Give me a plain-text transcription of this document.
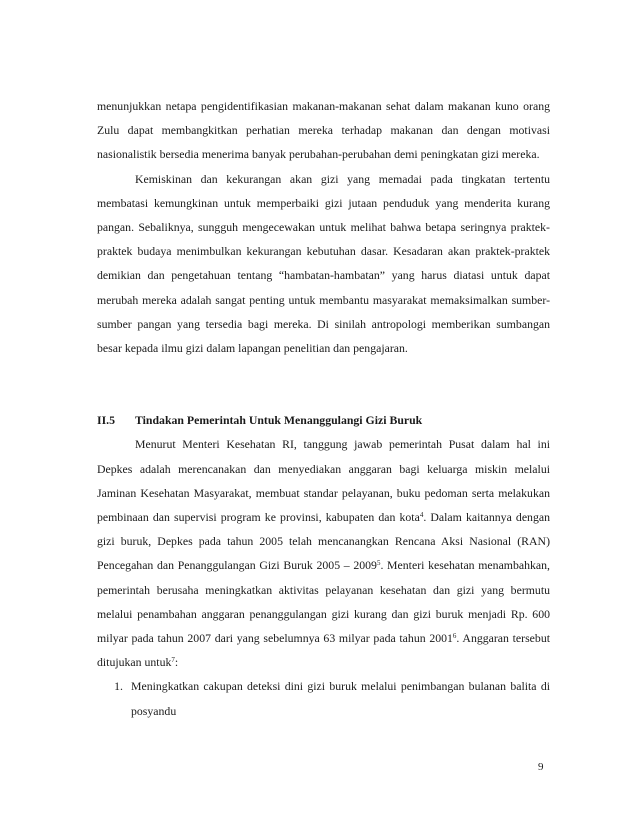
menunjukkan netapa pengidentifikasian makanan-makanan sehat dalam makanan kuno orang Zulu dapat membangkitkan perhatian mereka terhadap makanan dan dengan motivasi nasionalistik bersedia menerima banyak perubahan-perubahan demi peningkatan gizi mereka.

Kemiskinan dan kekurangan akan gizi yang memadai pada tingkatan tertentu membatasi kemungkinan untuk memperbaiki gizi jutaan penduduk yang menderita kurang pangan. Sebaliknya, sungguh mengecewakan untuk melihat bahwa betapa seringnya praktek-praktek budaya menimbulkan kekurangan kebutuhan dasar. Kesadaran akan praktek-praktek demikian dan pengetahuan tentang “hambatan-hambatan” yang harus diatasi untuk dapat merubah mereka adalah sangat penting untuk membantu masyarakat memaksimalkan sumber-sumber pangan yang tersedia bagi mereka. Di sinilah antropologi memberikan sumbangan besar kepada ilmu gizi dalam lapangan penelitian dan pengajaran.

II.5	Tindakan Pemerintah Untuk Menanggulangi Gizi Buruk

Menurut Menteri Kesehatan RI, tanggung jawab pemerintah Pusat dalam hal ini Depkes adalah merencanakan dan menyediakan anggaran bagi keluarga miskin melalui Jaminan Kesehatan Masyarakat, membuat standar pelayanan, buku pedoman serta melakukan pembinaan dan supervisi program ke provinsi, kabupaten dan kota$^4$. Dalam kaitannya dengan gizi buruk, Depkes pada tahun 2005 telah mencanangkan Rencana Aksi Nasional (RAN) Pencegahan dan Penanggulangan Gizi Buruk 2005 – 2009$^5$. Menteri kesehatan menambahkan, pemerintah berusaha meningkatkan aktivitas pelayanan kesehatan dan gizi yang bermutu melalui penambahan anggaran penanggulangan gizi kurang dan gizi buruk menjadi Rp. 600 milyar pada tahun 2007 dari yang sebelumnya 63 milyar pada tahun 2001$^6$. Anggaran tersebut ditujukan untuk$^7$:

1. Meningkatkan cakupan deteksi dini gizi buruk melalui penimbangan bulanan balita di posyandu
9
